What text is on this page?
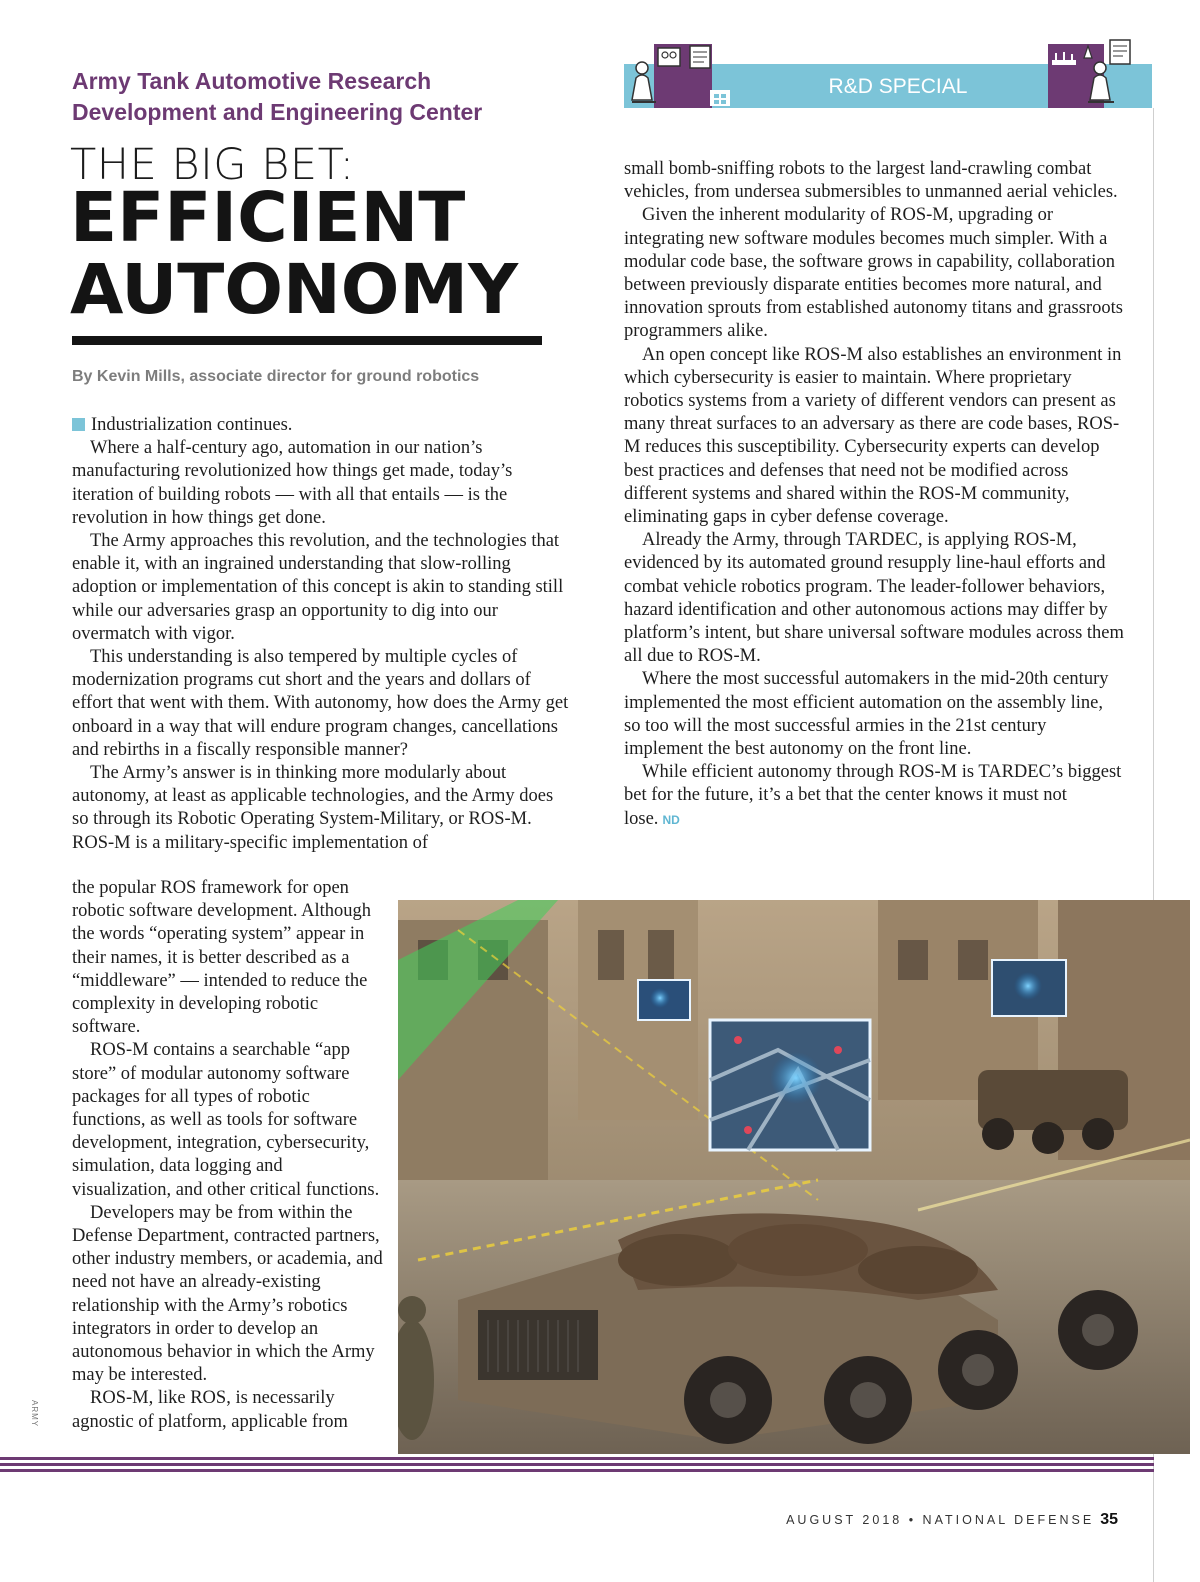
Army Tank Automotive Research Development and Engineering Center
R&D SPECIAL REPORT
THE BIG BET:
EFFICIENT
AUTONOMY

By Kevin Mills, associate director for ground robotics

Industrialization continues.

Where a half-century ago, automation in our nation’s manufacturing revolutionized how things get made, today’s iteration of building robots — with all that entails — is the revolution in how things get done.

The Army approaches this revolution, and the technologies that enable it, with an ingrained understanding that slow-rolling adoption or implementation of this concept is akin to standing still while our adversaries grasp an opportunity to dig into our overmatch with vigor.

This understanding is also tempered by multiple cycles of modernization programs cut short and the years and dollars of effort that went with them. With autonomy, how does the Army get onboard in a way that will endure program changes, cancellations and rebirths in a fiscally responsible manner?

The Army’s answer is in thinking more modularly about autonomy, at least as applicable technologies, and the Army does so through its Robotic Operating System-Military, or ROS-M. ROS-M is a military-specific implementation of

the popular ROS framework for open robotic software development. Although the words “operating system” appear in their names, it is better described as a “middleware” — intended to reduce the complexity in developing robotic software.

ROS-M contains a searchable “app store” of modular autonomy software packages for all types of robotic functions, as well as tools for software development, integration, cybersecurity, simulation, data logging and visualization, and other critical functions.

Developers may be from within the Defense Department, contracted partners, other industry members, or academia, and need not have an already-existing relationship with the Army’s robotics integrators in order to develop an autonomous behavior in which the Army may be interested.

ROS-M, like ROS, is necessarily agnostic of platform, applicable from

small bomb-sniffing robots to the largest land-crawling combat vehicles, from undersea submersibles to unmanned aerial vehicles.

Given the inherent modularity of ROS-M, upgrading or integrating new software modules becomes much simpler. With a modular code base, the software grows in capability, collaboration between previously disparate entities becomes more natural, and innovation sprouts from established autonomy titans and grassroots programmers alike.

An open concept like ROS-M also establishes an environment in which cybersecurity is easier to maintain. Where proprietary robotics systems from a variety of different vendors can present as many threat surfaces to an adversary as there are code bases, ROS-M reduces this susceptibility. Cybersecurity experts can develop best practices and defenses that need not be modified across different systems and shared within the ROS-M community, eliminating gaps in cyber defense coverage.

Already the Army, through TARDEC, is applying ROS-M, evidenced by its automated ground resupply line-haul efforts and combat vehicle robotics program. The leader-follower behaviors, hazard identification and other autonomous actions may differ by platform’s intent, but share universal software modules across them all due to ROS-M.

Where the most successful automakers in the mid-20th century implemented the most efficient automation on the assembly line, so too will the most successful armies in the 21st century implement the best autonomy on the front line.

While efficient autonomy through ROS-M is TARDEC’s biggest bet for the future, it’s a bet that the center knows it must not lose. ND

ARMY
AUGUST 2018 • NATIONAL DEFENSE 35
